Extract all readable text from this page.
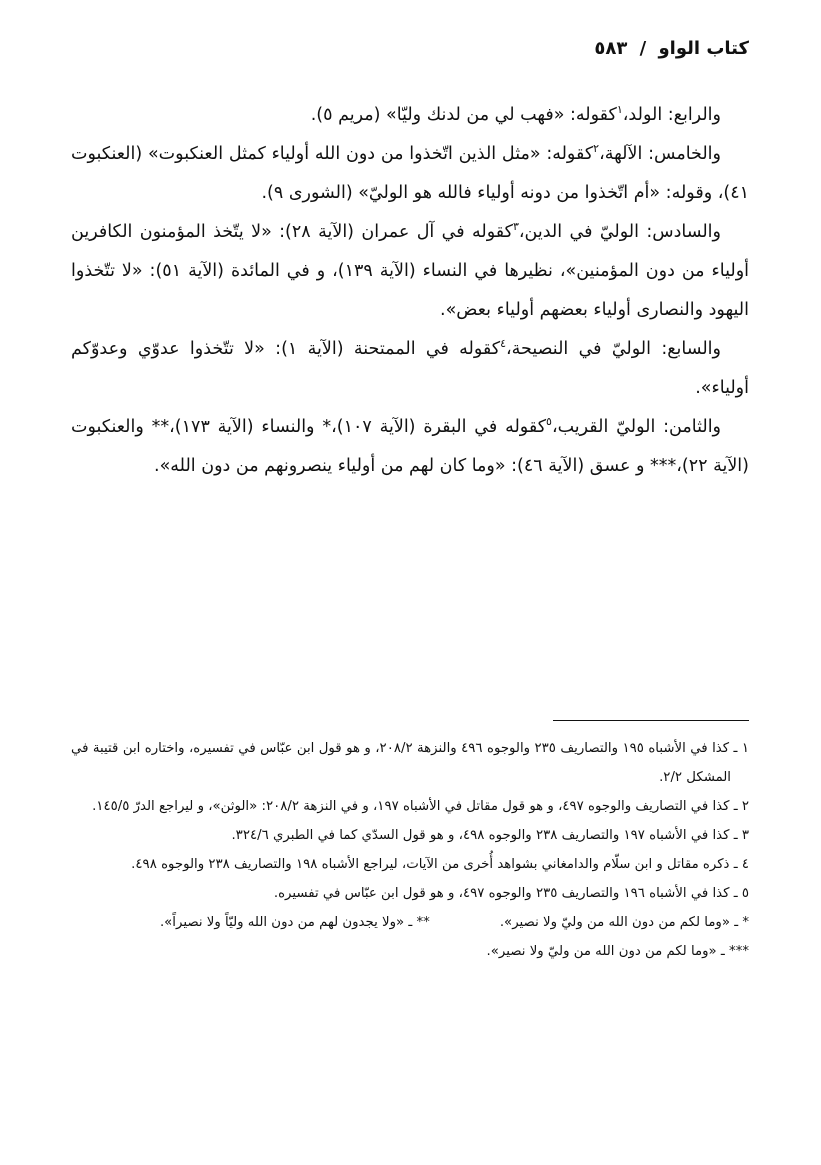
كتاب الواو / ٥٨٣

والرابع: الولد،$^١$كقوله: «فهب لي من لدنك وليّا» (مريم ٥).

والخامس: الآلهة،$^٢$كقوله: «مثل الذين اتّخذوا من دون الله أولياء كمثل العنكبوت» (العنكبوت ٤١)، وقوله: «أم اتّخذوا من دونه أولياء فالله هو الوليّ» (الشورى ٩).

والسادس: الوليّ في الدين،$^٣$كقوله في آل عمران (الآية ٢٨): «لا يتّخذ المؤمنون الكافرين أولياء من دون المؤمنين»، نظيرها في النساء (الآية ١٣٩)، و في المائدة (الآية ٥١): «لا تتّخذوا اليهود والنصارى أولياء بعضهم أولياء بعض».

والسابع: الوليّ في النصيحة،$^٤$كقوله في الممتحنة (الآية ١): «لا تتّخذوا عدوّي وعدوّكم أولياء».

والثامن: الوليّ القريب،$^٥$كقوله في البقرة (الآية ١٠٧)،* والنساء (الآية ١٧٣)،** والعنكبوت (الآية ٢٢)،*** و عسق (الآية ٤٦): «وما كان لهم من أولياء ينصرونهم من دون الله».

١ ـ كذا في الأشباه ١٩٥ والتصاريف ٢٣٥ والوجوه ٤٩٦ والنزهة ٢٠٨/٢، و هو قول ابن عبّاس في تفسيره، واختاره ابن قتيبة في المشكل ٢/٢.

٢ ـ كذا في التصاريف والوجوه ٤٩٧، و هو قول مقاتل في الأشباه ١٩٧، و في النزهة ٢٠٨/٢: «الوثن»، و ليراجع الدرّ ١٤٥/٥.

٣ ـ كذا في الأشباه ١٩٧ والتصاريف ٢٣٨ والوجوه ٤٩٨، و هو قول السدّي كما في الطبري ٣٢٤/٦.

٤ ـ ذكره مقاتل و ابن سلّام والدامغاني بشواهد أُخرى من الآيات، ليراجع الأشباه ١٩٨ والتصاريف ٢٣٨ والوجوه ٤٩٨.

٥ ـ كذا في الأشباه ١٩٦ والتصاريف ٢٣٥ والوجوه ٤٩٧، و هو قول ابن عبّاس في تفسيره.

* ـ «وما لكم من دون الله من وليّ ولا نصير».** ـ «ولا يجدون لهم من دون الله وليّاً ولا نصيراً».

*** ـ «وما لكم من دون الله من وليّ ولا نصير».
